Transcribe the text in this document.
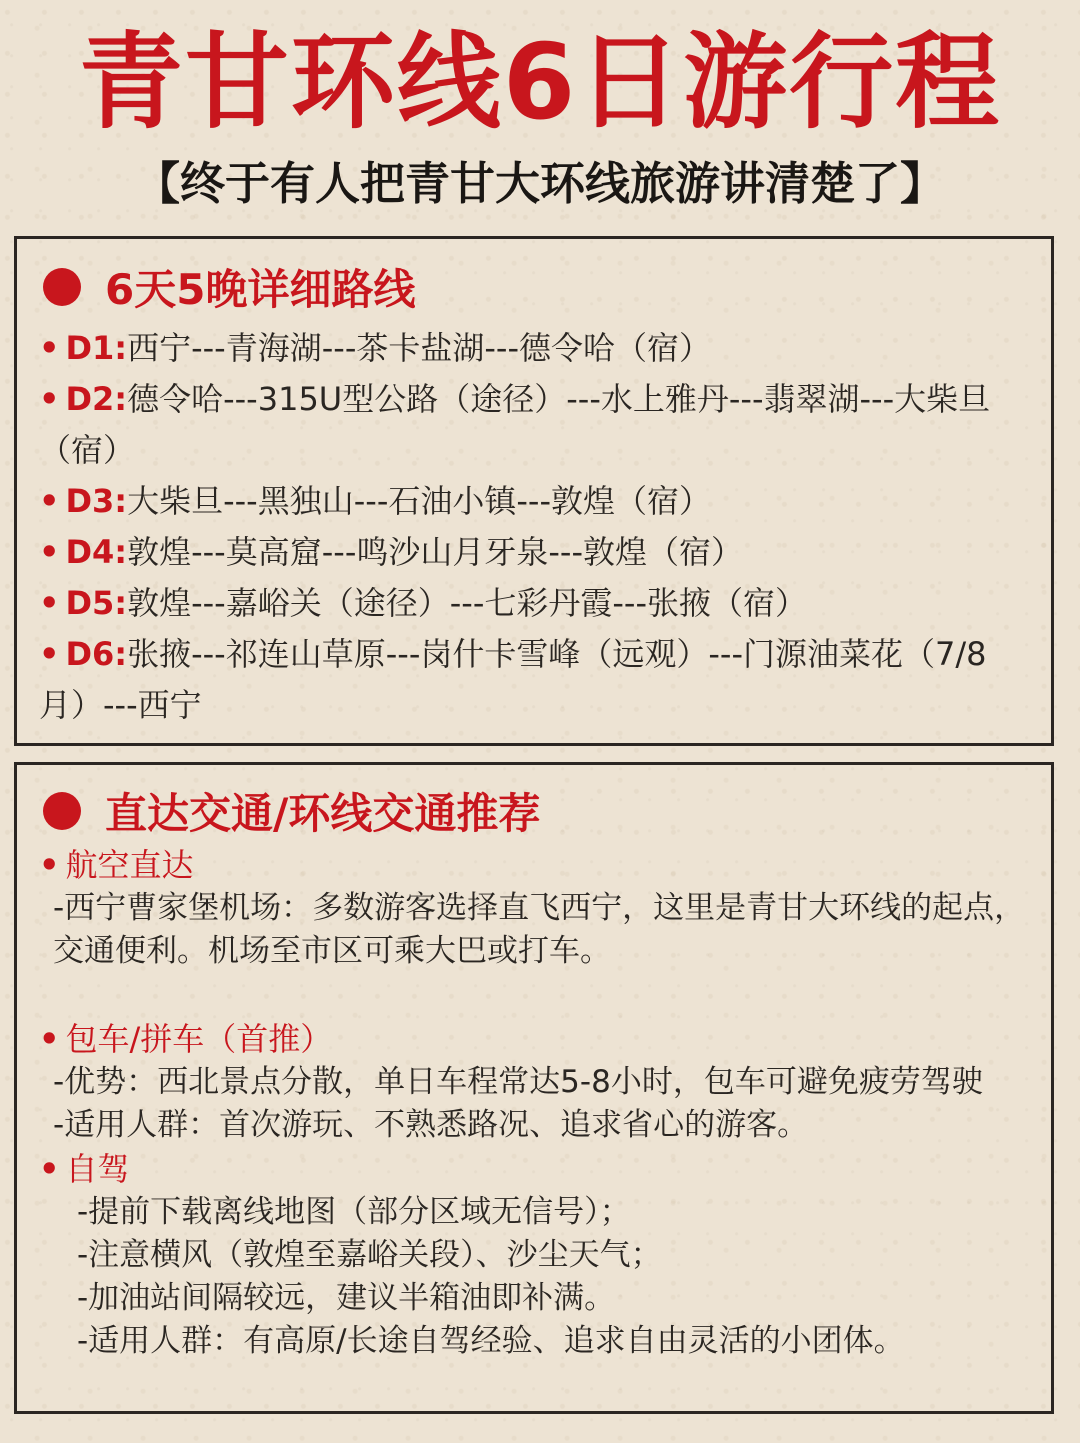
青甘环线6日游行程
【终于有人把青甘大环线旅游讲清楚了】
6天5晚详细路线

• D1:西宁---青海湖---茶卡盐湖---德令哈（宿）

• D2:德令哈---315U型公路（途径）---水上雅丹---翡翠湖---大柴旦（宿）

• D3:大柴旦---黑独山---石油小镇---敦煌（宿）

• D4:敦煌---莫高窟---鸣沙山月牙泉---敦煌（宿）

• D5:敦煌---嘉峪关（途径）---七彩丹霞---张掖（宿）

• D6:张掖---祁连山草原---岗什卡雪峰（远观）---门源油菜花（7/8月）---西宁

直达交通/环线交通推荐

• 航空直达

-西宁曹家堡机场：多数游客选择直飞西宁，这里是青甘大环线的起点，交通便利。机场至市区可乘大巴或打车。

• 包车/拼车（首推）

-优势：西北景点分散，单日车程常达5-8小时，包车可避免疲劳驾驶

-适用人群：首次游玩、不熟悉路况、追求省心的游客。

• 自驾

-提前下载离线地图（部分区域无信号）；

-注意横风（敦煌至嘉峪关段）、沙尘天气；

-加油站间隔较远，建议半箱油即补满。

-适用人群：有高原/长途自驾经验、追求自由灵活的小团体。
